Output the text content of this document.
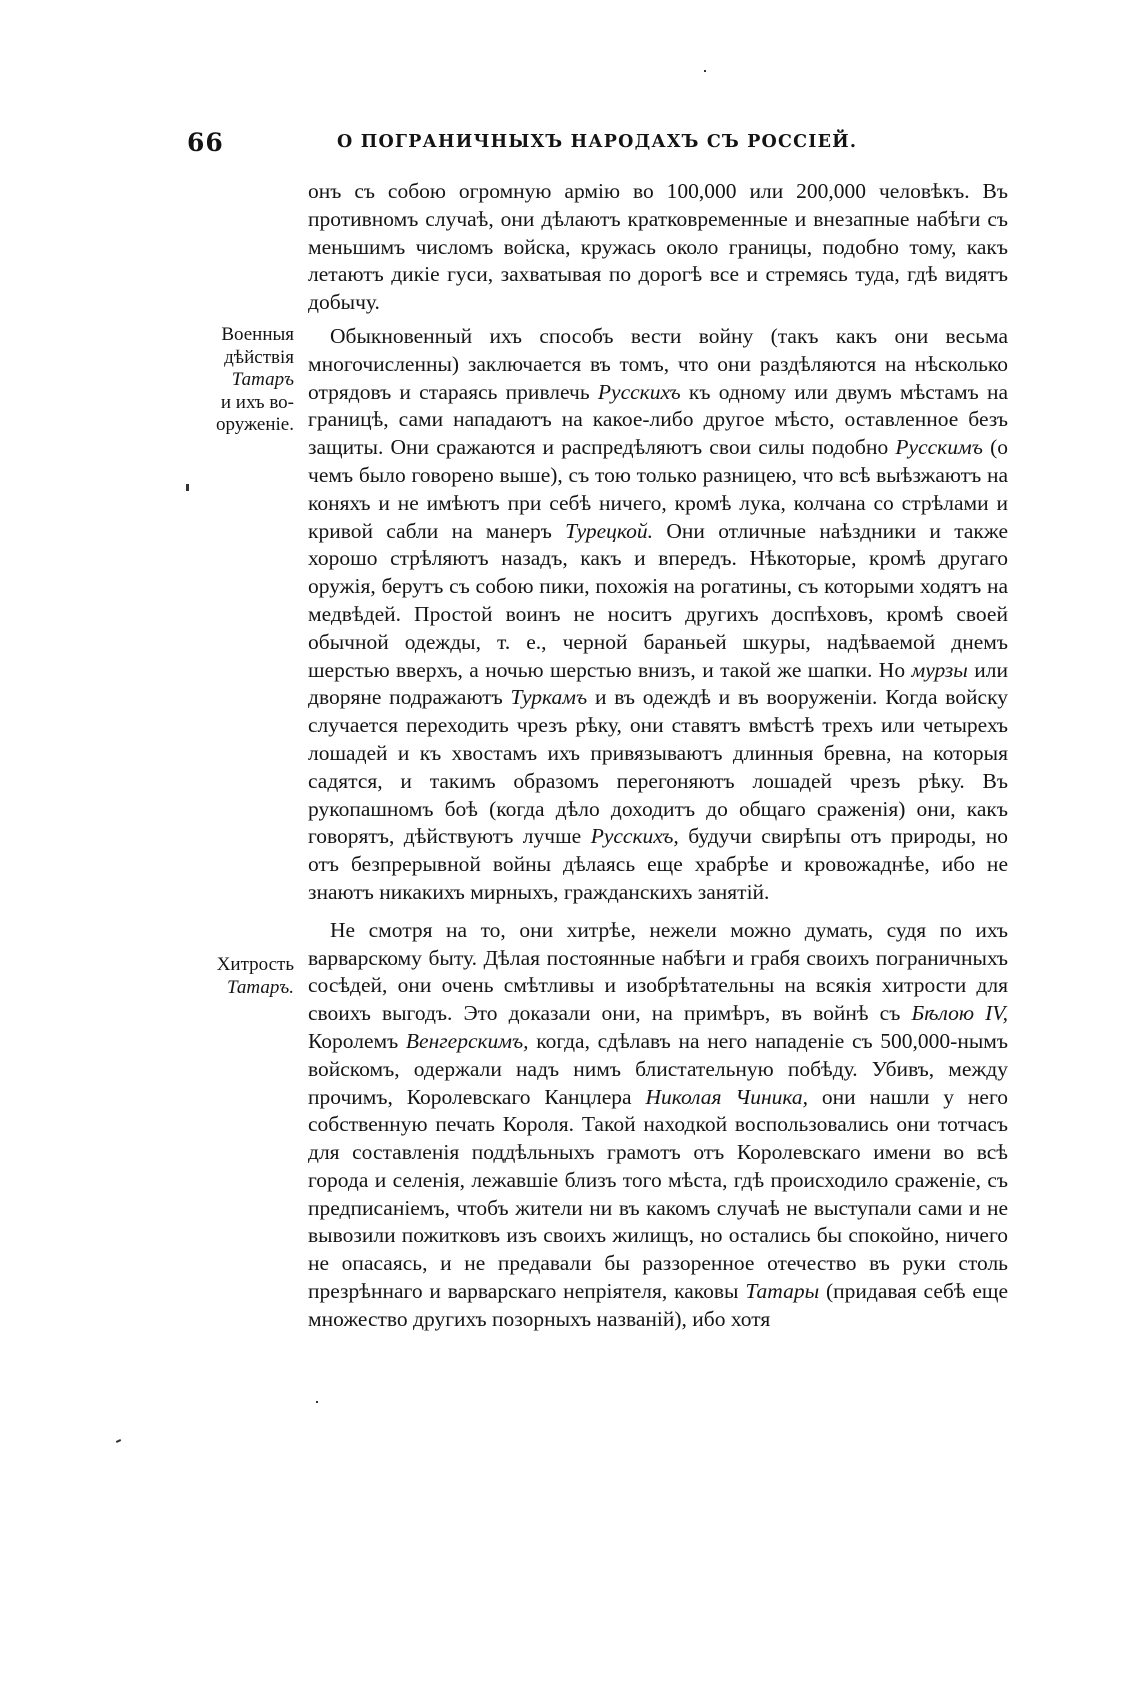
66	О ПОГРАНИЧНЫХЪ НАРОДАХЪ СЪ РОССІЕЙ.
Военныя
дѣйствія
Татаръ
и ихъ во-
оруженіе.
Хитрость
Татаръ.

онъ съ собою огромную армію во 100,000 или 200,000 человѣкъ. Въ противномъ случаѣ, они дѣлаютъ кратковременные и внезапные набѣги съ меньшимъ числомъ войска, кружась около границы, подобно тому, какъ летаютъ дикіе гуси, захватывая по дорогѣ все и стремясь туда, гдѣ видятъ добычу.

Обыкновенный ихъ способъ вести войну (такъ какъ они весьма многочисленны) заключается въ томъ, что они раздѣляются на нѣсколько отрядовъ и стараясь привлечь Русскихъ къ одному или двумъ мѣстамъ на границѣ, сами нападаютъ на какое-либо другое мѣсто, оставленное безъ защиты. Они сражаются и распредѣляютъ свои силы подобно Русскимъ (о чемъ было говорено выше), съ тою только разницею, что всѣ выѣзжаютъ на коняхъ и не имѣютъ при себѣ ничего, кромѣ лука, колчана со стрѣлами и кривой сабли на манеръ Турецкой. Они отличные наѣздники и также хорошо стрѣляютъ назадъ, какъ и впередъ. Нѣкоторые, кромѣ другаго оружія, берутъ съ собою пики, похожія на рогатины, съ которыми ходятъ на медвѣдей. Простой воинъ не носитъ другихъ доспѣховъ, кромѣ своей обычной одежды, т. е., черной бараньей шкуры, надѣваемой днемъ шерстью вверхъ, а ночью шерстью внизъ, и такой же шапки. Но мурзы или дворяне подражаютъ Туркамъ и въ одеждѣ и въ вооруженіи. Когда войску случается переходить чрезъ рѣку, они ставятъ вмѣстѣ трехъ или четырехъ лошадей и къ хвостамъ ихъ привязываютъ длинныя бревна, на которыя садятся, и такимъ образомъ перегоняютъ лошадей чрезъ рѣку. Въ рукопашномъ боѣ (когда дѣло доходитъ до общаго сраженія) они, какъ говорятъ, дѣйствуютъ лучше Русскихъ, будучи свирѣпы отъ природы, но отъ безпрерывной войны дѣлаясь еще храбрѣе и кровожаднѣе, ибо не знаютъ никакихъ мирныхъ, гражданскихъ занятій.

Не смотря на то, они хитрѣе, нежели можно думать, судя по ихъ варварскому быту. Дѣлая постоянные набѣги и грабя своихъ пограничныхъ сосѣдей, они очень смѣтливы и изобрѣтательны на всякія хитрости для своихъ выгодъ. Это доказали они, на примѣръ, въ войнѣ съ Бѣлою IV, Королемъ Венгерскимъ, когда, сдѣлавъ на него нападеніе съ 500,000-нымъ войскомъ, одержали надъ нимъ блистательную побѣду. Убивъ, между прочимъ, Королевскаго Канцлера Николая Чиника, они нашли у него собственную печать Короля. Такой находкой воспользовались они тотчасъ для составленія поддѣльныхъ грамотъ отъ Королевскаго имени во всѣ города и селенія, лежавшіе близъ того мѣста, гдѣ происходило сраженіе, съ предписаніемъ, чтобъ жители ни въ какомъ случаѣ не выступали сами и не вывозили пожитковъ изъ своихъ жилищъ, но остались бы спокойно, ничего не опасаясь, и не предавали бы раззоренное отечество въ руки столь презрѣннаго и варварскаго непріятеля, каковы Татары (придавая себѣ еще множество другихъ позорныхъ названій), ибо хотя
